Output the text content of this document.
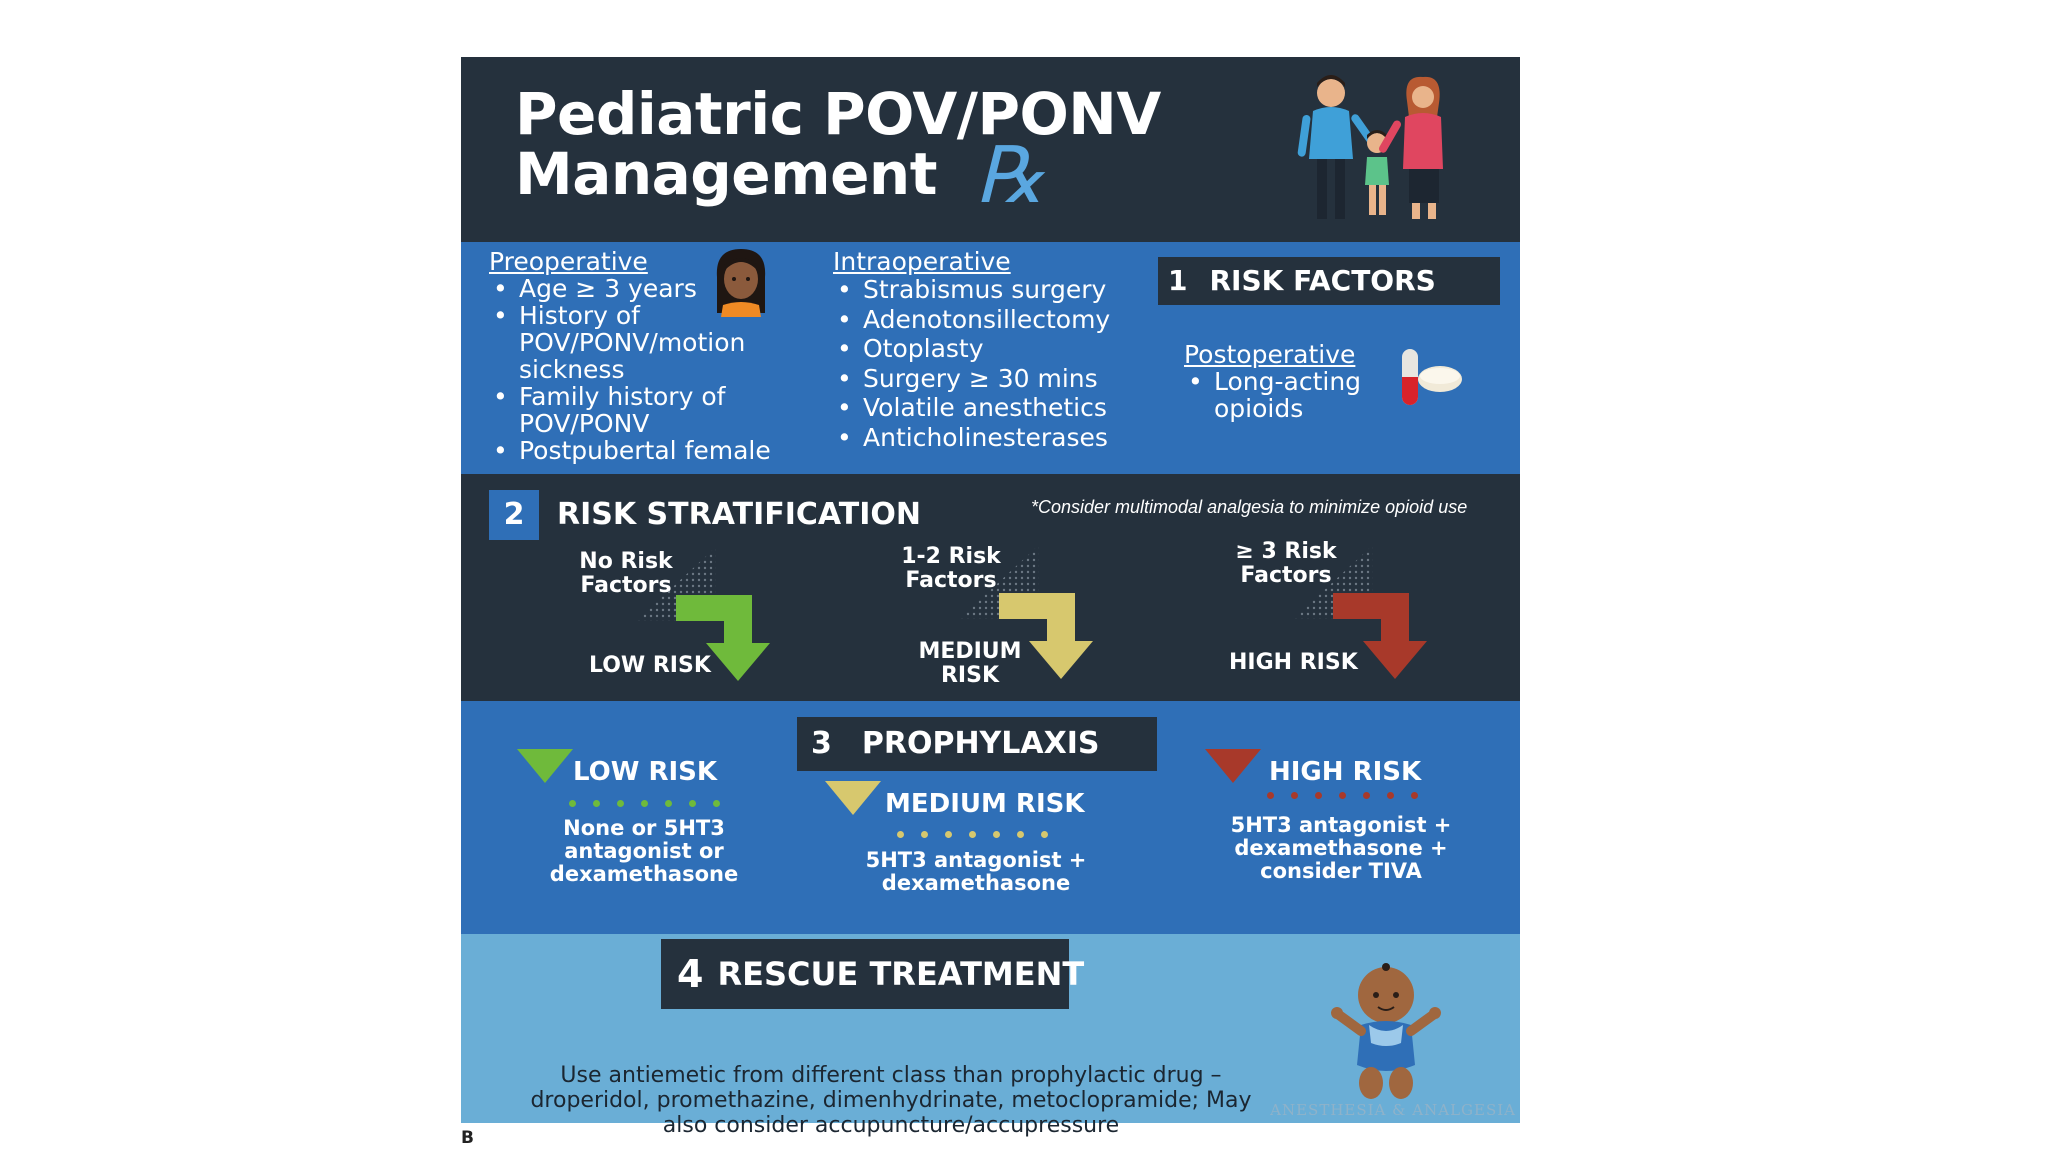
Pediatric POV/PONV
Management ℞
Preoperative
• Age ≥ 3 years
• History of POV/PONV/motion sickness
• Family history of POV/PONV
• Postpubertal female
Intraoperative
• Strabismus surgery
• Adenotonsillectomy
• Otoplasty
• Surgery ≥ 30 mins
• Volatile anesthetics
• Anticholinesterases
1 RISK FACTORS
Postoperative
• Long-acting opioids
2 RISK STRATIFICATION	*Consider multimodal analgesia to minimize opioid use
No Risk Factors
LOW RISK
1-2 Risk Factors
MEDIUM RISK
≥ 3 Risk Factors
HIGH RISK
3 PROPHYLAXIS
LOW RISK
None or 5HT3 antagonist or dexamethasone
MEDIUM RISK
5HT3 antagonist + dexamethasone
HIGH RISK
5HT3 antagonist + dexamethasone + consider TIVA
4 RESCUE TREATMENT
Use antiemetic from different class than prophylactic drug – droperidol, promethazine, dimenhydrinate, metoclopramide; May also consider accupuncture/accupressure
ANESTHESIA & ANALGESIA
B
